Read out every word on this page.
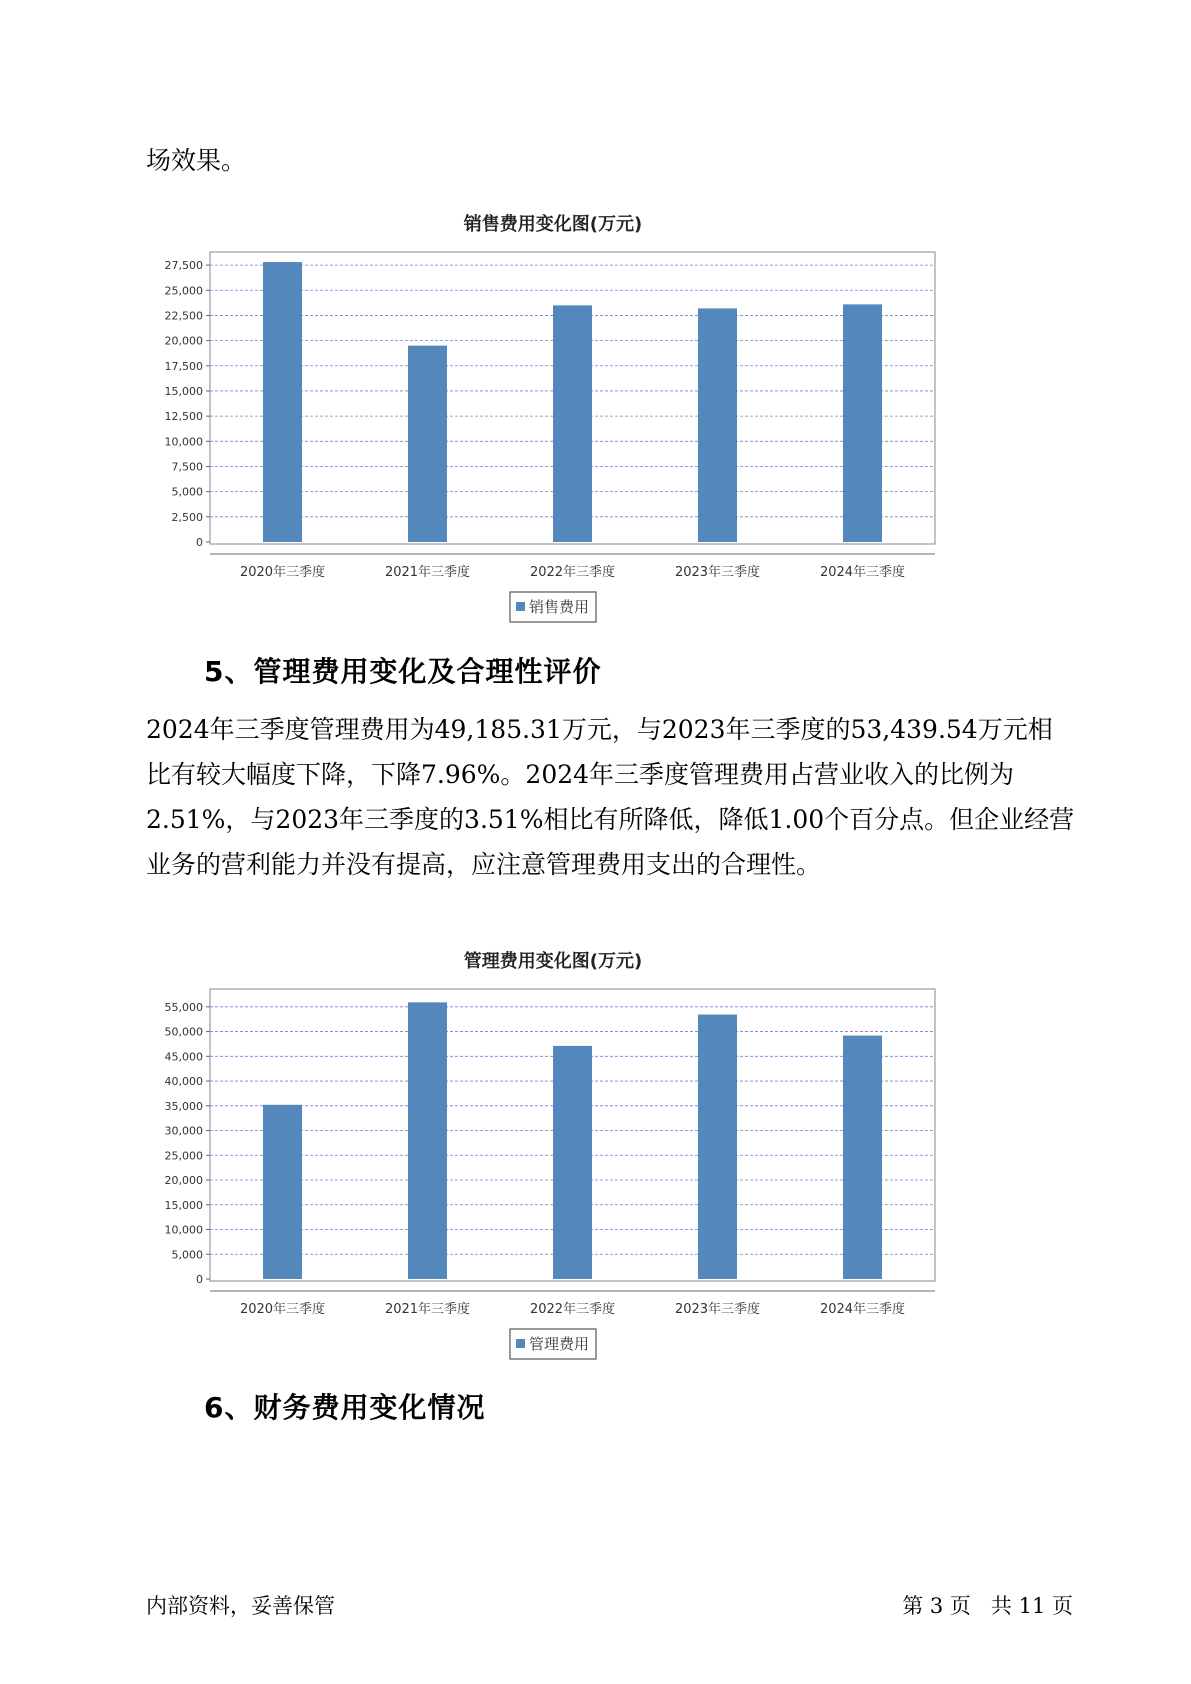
场效果。

销售费用变化图(万元)
0
2,500
5,000
7,500
10,000
12,500
15,000
17,500
20,000
22,500
25,000
27,500
2020年三季度	2021年三季度	2022年三季度	2023年三季度	2024年三季度
销售费用
5、管理费用变化及合理性评价

2024年三季度管理费用为49,185.31万元，与2023年三季度的53,439.54万元相比有较大幅度下降，下降7.96%。2024年三季度管理费用占营业收入的比例为2.51%，与2023年三季度的3.51%相比有所降低，降低1.00个百分点。但企业经营业务的营利能力并没有提高，应注意管理费用支出的合理性。

管理费用变化图(万元)
0
5,000
10,000
15,000
20,000
25,000
30,000
35,000
40,000
45,000
50,000
55,000
2020年三季度	2021年三季度	2022年三季度	2023年三季度	2024年三季度
管理费用
6、财务费用变化情况
内部资料，妥善保管	第 3 页   共 11 页
